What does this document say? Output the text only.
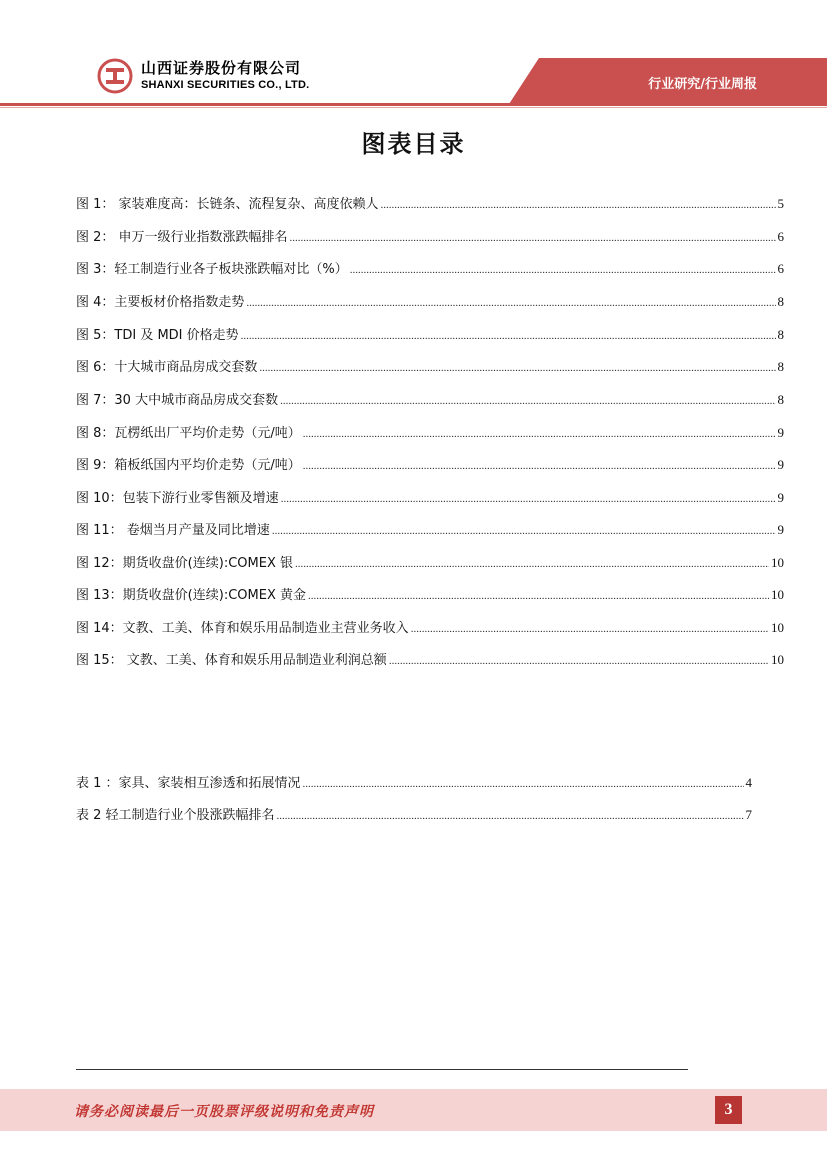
山西证券股份有限公司
SHANXI SECURITIES CO., LTD.	行业研究/行业周报
图表目录
图 1： 家装难度高：长链条、流程复杂、高度依赖人 .....	5
图 2： 申万一级行业指数涨跌幅排名 .....	6
图 3：轻工制造行业各子板块涨跌幅对比（%） .....	6
图 4：主要板材价格指数走势 .....	8
图 5：TDI 及 MDI 价格走势 .....	8
图 6：十大城市商品房成交套数 .....	8
图 7：30 大中城市商品房成交套数 .....	8
图 8：瓦楞纸出厂平均价走势（元/吨） .....	9
图 9：箱板纸国内平均价走势（元/吨） .....	9
图 10：包装下游行业零售额及增速 .....	9
图 11： 卷烟当月产量及同比增速 .....	9
图 12：期货收盘价(连续):COMEX 银 .....	10
图 13：期货收盘价(连续):COMEX 黄金 .....	10
图 14：文教、工美、体育和娱乐用品制造业主营业务收入 .....	10
图 15： 文教、工美、体育和娱乐用品制造业利润总额 .....	10
表 1 ：家具、家装相互渗透和拓展情况 .....	4
表 2 轻工制造行业个股涨跌幅排名 .....	7
请务必阅读最后一页股票评级说明和免责声明	3
